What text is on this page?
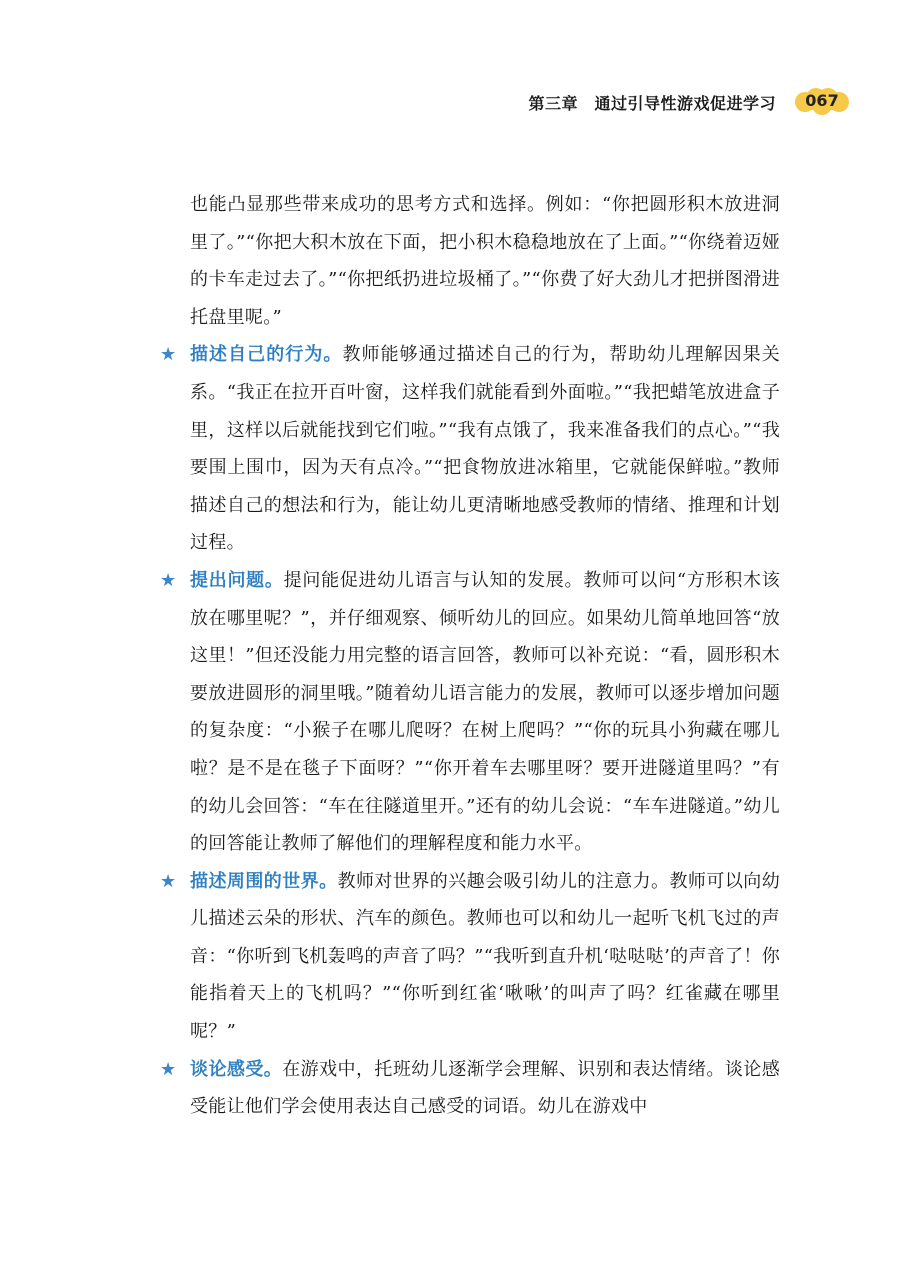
第三章　通过引导性游戏促进学习	067

也能凸显那些带来成功的思考方式和选择。例如：“你把圆形积木放进洞里了。”“你把大积木放在下面，把小积木稳稳地放在了上面。”“你绕着迈娅的卡车走过去了。”“你把纸扔进垃圾桶了。”“你费了好大劲儿才把拼图滑进托盘里呢。”

★ 描述自己的行为。教师能够通过描述自己的行为，帮助幼儿理解因果关系。“我正在拉开百叶窗，这样我们就能看到外面啦。”“我把蜡笔放进盒子里，这样以后就能找到它们啦。”“我有点饿了，我来准备我们的点心。”“我要围上围巾，因为天有点冷。”“把食物放进冰箱里，它就能保鲜啦。”教师描述自己的想法和行为，能让幼儿更清晰地感受教师的情绪、推理和计划过程。

★ 提出问题。提问能促进幼儿语言与认知的发展。教师可以问“方形积木该放在哪里呢？”，并仔细观察、倾听幼儿的回应。如果幼儿简单地回答“放这里！”但还没能力用完整的语言回答，教师可以补充说：“看，圆形积木要放进圆形的洞里哦。”随着幼儿语言能力的发展，教师可以逐步增加问题的复杂度：“小猴子在哪儿爬呀？在树上爬吗？”“你的玩具小狗藏在哪儿啦？是不是在毯子下面呀？”“你开着车去哪里呀？要开进隧道里吗？”有的幼儿会回答：“车在往隧道里开。”还有的幼儿会说：“车车进隧道。”幼儿的回答能让教师了解他们的理解程度和能力水平。

★ 描述周围的世界。教师对世界的兴趣会吸引幼儿的注意力。教师可以向幼儿描述云朵的形状、汽车的颜色。教师也可以和幼儿一起听飞机飞过的声音：“你听到飞机轰鸣的声音了吗？”“我听到直升机‘哒哒哒’的声音了！你能指着天上的飞机吗？”“你听到红雀‘啾啾’的叫声了吗？红雀藏在哪里呢？”

★ 谈论感受。在游戏中，托班幼儿逐渐学会理解、识别和表达情绪。谈论感受能让他们学会使用表达自己感受的词语。幼儿在游戏中
